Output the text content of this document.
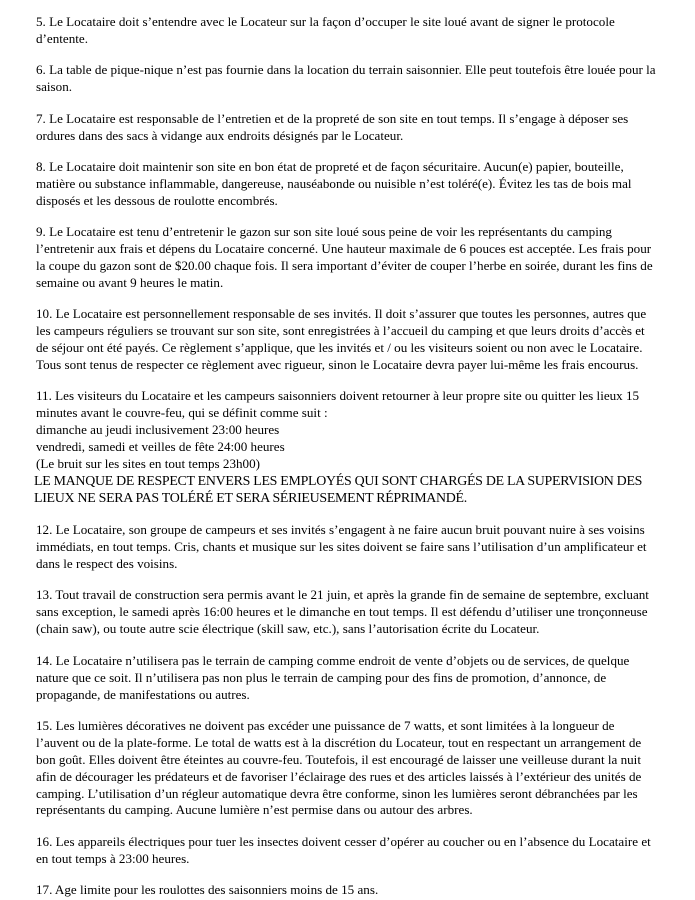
5. Le Locataire doit s’entendre avec le Locateur sur la façon d’occuper le site loué avant de signer le protocole d’entente.

6. La table de pique-nique n’est pas fournie dans la location du terrain saisonnier. Elle peut toutefois être louée pour la saison.

7. Le Locataire est responsable de l’entretien et de la propreté de son site en tout temps. Il s’engage à déposer ses ordures dans des sacs à vidange aux endroits désignés par le Locateur.

8. Le Locataire doit maintenir son site en bon état de propreté et de façon sécuritaire. Aucun(e) papier, bouteille, matière ou substance inflammable, dangereuse, nauséabonde ou nuisible n’est toléré(e). Évitez les tas de bois mal disposés et les dessous de roulotte encombrés.

9. Le Locataire est tenu d’entretenir le gazon sur son site loué sous peine de voir les représentants du camping l’entretenir aux frais et dépens du Locataire concerné. Une hauteur maximale de 6 pouces est acceptée. Les frais pour la coupe du gazon sont de $20.00 chaque fois. Il sera important d’éviter de couper l’herbe en soirée, durant les fins de semaine ou avant 9 heures le matin.

10. Le Locataire est personnellement responsable de ses invités. Il doit s’assurer que toutes les personnes, autres que les campeurs réguliers se trouvant sur son site, sont enregistrées à l’accueil du camping et que leurs droits d’accès et de séjour ont été payés. Ce règlement s’applique, que les invités et / ou les visiteurs soient ou non avec le Locataire. Tous sont tenus de respecter ce règlement avec rigueur, sinon le Locataire devra payer lui-même les frais encourus.

11. Les visiteurs du Locataire et les campeurs saisonniers doivent retourner à leur propre site ou quitter les lieux 15 minutes avant le couvre-feu, qui se définit comme suit :

dimanche au jeudi inclusivement 23:00 heures

vendredi, samedi et veilles de fête 24:00 heures

(Le bruit sur les sites en tout temps 23h00)

LE MANQUE DE RESPECT ENVERS LES EMPLOYÉS QUI SONT CHARGÉS DE LA SUPERVISION DES LIEUX NE SERA PAS TOLÉRÉ ET SERA SÉRIEUSEMENT RÉPRIMANDÉ.

12. Le Locataire, son groupe de campeurs et ses invités s’engagent à ne faire aucun bruit pouvant nuire à ses voisins immédiats, en tout temps. Cris, chants et musique sur les sites doivent se faire sans l’utilisation d’un amplificateur et dans le respect des voisins.

13. Tout travail de construction sera permis avant le 21 juin, et après la grande fin de semaine de septembre, excluant sans exception, le samedi après 16:00 heures et le dimanche en tout temps. Il est défendu d’utiliser une tronçonneuse (chain saw), ou toute autre scie électrique (skill saw, etc.), sans l’autorisation écrite du Locateur.

14. Le Locataire n’utilisera pas le terrain de camping comme endroit de vente d’objets ou de services, de quelque nature que ce soit. Il n’utilisera pas non plus le terrain de camping pour des fins de promotion, d’annonce, de propagande, de manifestations ou autres.

15. Les lumières décoratives ne doivent pas excéder une puissance de 7 watts, et sont limitées à la longueur de l’auvent ou de la plate-forme. Le total de watts est à la discrétion du Locateur, tout en respectant un arrangement de bon goût. Elles doivent être éteintes au couvre-feu. Toutefois, il est encouragé de laisser une veilleuse durant la nuit afin de décourager les prédateurs et de favoriser l’éclairage des rues et des articles laissés à l’extérieur des unités de camping. L’utilisation d’un régleur automatique devra être conforme, sinon les lumières seront débranchées par les représentants du camping. Aucune lumière n’est permise dans ou autour des arbres.

16. Les appareils électriques pour tuer les insectes doivent cesser d’opérer au coucher ou en l’absence du Locataire et en tout temps à 23:00 heures.

17. Age limite pour les roulottes des saisonniers moins de 15 ans.
